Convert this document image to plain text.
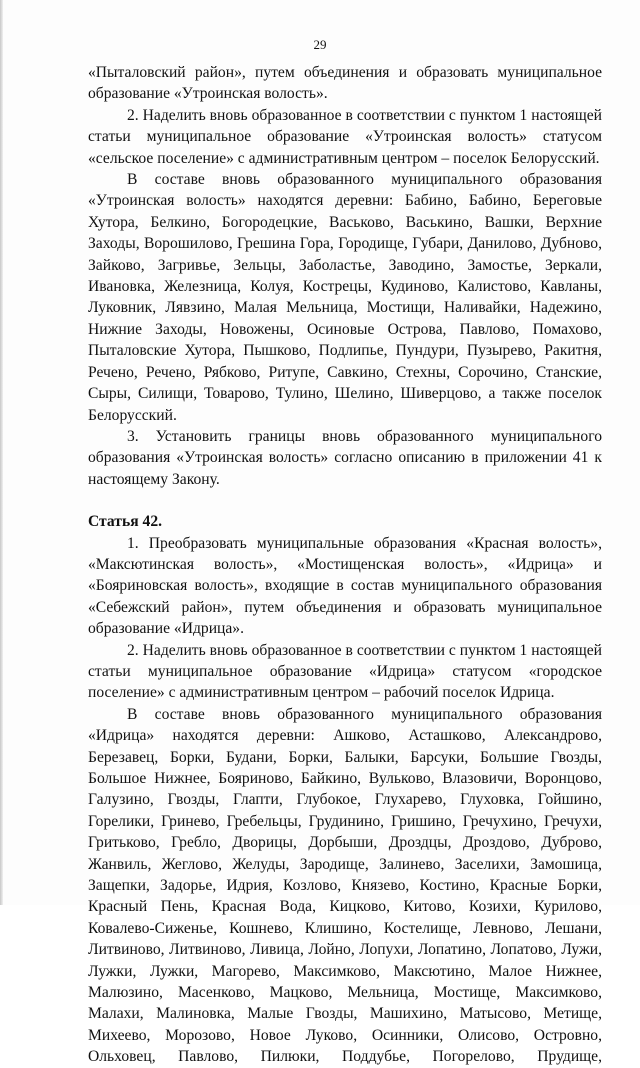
29

«Пыталовский район», путем объединения и образовать муниципальное образование «Утроинская волость».

2. Наделить вновь образованное в соответствии с пунктом 1 настоящей статьи муниципальное образование «Утроинская волость» статусом «сельское поселение» с административным центром – поселок Белорусский.

В составе вновь образованного муниципального образования «Утроинская волость» находятся деревни: Бабино, Бабино, Береговые Хутора, Белкино, Богородецкие, Васьково, Васькино, Вашки, Верхние Заходы, Ворошилово, Грешина Гора, Городище, Губари, Данилово, Дубново, Зайково, Загривье, Зельцы, Заболастье, Заводино, Замостье, Зеркали, Ивановка, Железница, Колуя, Кострецы, Кудиново, Калистово, Кавланы, Луковник, Лявзино, Малая Мельница, Мостищи, Наливайки, Надежино, Нижние Заходы, Новожены, Осиновые Острова, Павлово, Помахово, Пыталовские Хутора, Пышково, Подлипье, Пундури, Пузырево, Ракитня, Речено, Речено, Рябково, Ритупе, Савкино, Стехны, Сорочино, Станские, Сыры, Силищи, Товарово, Тулино, Шелино, Шиверцово, а также поселок Белорусский.

3. Установить границы вновь образованного муниципального образования «Утроинская волость» согласно описанию в приложении 41 к настоящему Закону.

Статья 42.

1. Преобразовать муниципальные образования «Красная волость», «Максютинская волость», «Мостищенская волость», «Идрица» и «Бояриновская волость», входящие в состав муниципального образования «Себежский район», путем объединения и образовать муниципальное образование «Идрица».

2. Наделить вновь образованное в соответствии с пунктом 1 настоящей статьи муниципальное образование «Идрица» статусом «городское поселение» с административным центром – рабочий поселок Идрица.

В составе вновь образованного муниципального образования «Идрица» находятся деревни: Ашково, Асташково, Александрово, Березавец, Борки, Будани, Борки, Балыки, Барсуки, Большие Гвозды, Большое Нижнее, Бояриново, Байкино, Вульково, Влазовичи, Воронцово, Галузино, Гвозды, Глапти, Глубокое, Глухарево, Глуховка, Гойшино, Горелики, Гринево, Гребельцы, Грудинино, Гришино, Гречухино, Гречухи, Гритьково, Гребло, Дворицы, Дорбыши, Дроздцы, Дроздово, Дуброво, Жанвиль, Жеглово, Желуды, Зародище, Залинево, Заселихи, Замошица, Защепки, Задорье, Идрия, Козлово, Князево, Костино, Красные Борки, Красный Пень, Красная Вода, Кицково, Китово, Козихи, Курилово, Ковалево-Сиженье, Кошнево, Клишино, Костелище, Левново, Лешани, Литвиново, Литвиново, Ливица, Лойно, Лопухи, Лопатино, Лопатово, Лужи, Лужки, Лужки, Магорево, Максимково, Максютино, Малое Нижнее, Малюзино, Масенково, Мацково, Мельница, Мостище, Максимково, Малахи, Малиновка, Малые Гвозды, Машихино, Матысово, Метище, Михеево, Морозово, Новое Луково, Осинники, Олисово, Островно, Ольховец, Павлово, Пилюки, Поддубье, Погорелово, Прудище,
